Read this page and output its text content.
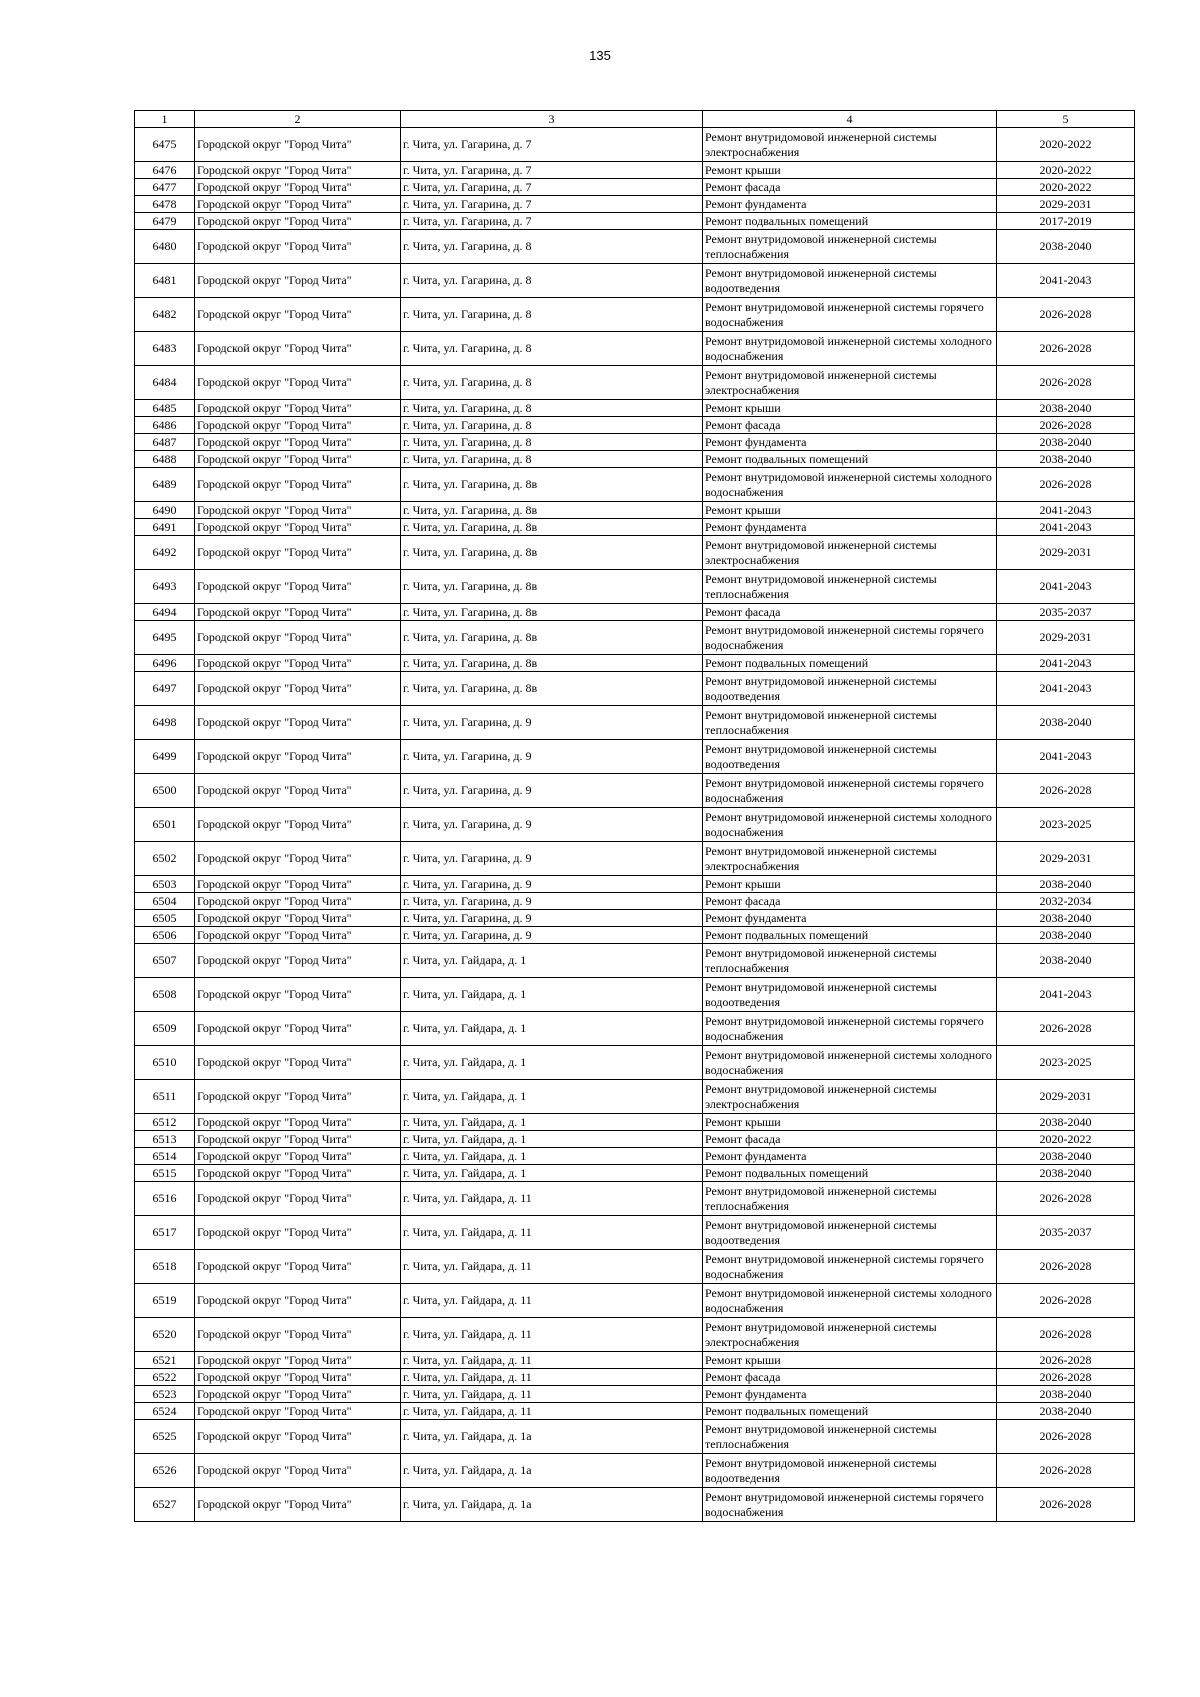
135
1	2	3	4	5
6475	Городской округ "Город Чита"	г. Чита, ул. Гагарина, д. 7	Ремонт внутридомовой инженерной системы электроснабжения	2020-2022
6476	Городской округ "Город Чита"	г. Чита, ул. Гагарина, д. 7	Ремонт крыши	2020-2022
6477	Городской округ "Город Чита"	г. Чита, ул. Гагарина, д. 7	Ремонт фасада	2020-2022
6478	Городской округ "Город Чита"	г. Чита, ул. Гагарина, д. 7	Ремонт фундамента	2029-2031
6479	Городской округ "Город Чита"	г. Чита, ул. Гагарина, д. 7	Ремонт подвальных помещений	2017-2019
6480	Городской округ "Город Чита"	г. Чита, ул. Гагарина, д. 8	Ремонт внутридомовой инженерной системы теплоснабжения	2038-2040
6481	Городской округ "Город Чита"	г. Чита, ул. Гагарина, д. 8	Ремонт внутридомовой инженерной системы водоотведения	2041-2043
6482	Городской округ "Город Чита"	г. Чита, ул. Гагарина, д. 8	Ремонт внутридомовой инженерной системы горячего водоснабжения	2026-2028
6483	Городской округ "Город Чита"	г. Чита, ул. Гагарина, д. 8	Ремонт внутридомовой инженерной системы холодного водоснабжения	2026-2028
6484	Городской округ "Город Чита"	г. Чита, ул. Гагарина, д. 8	Ремонт внутридомовой инженерной системы электроснабжения	2026-2028
6485	Городской округ "Город Чита"	г. Чита, ул. Гагарина, д. 8	Ремонт крыши	2038-2040
6486	Городской округ "Город Чита"	г. Чита, ул. Гагарина, д. 8	Ремонт фасада	2026-2028
6487	Городской округ "Город Чита"	г. Чита, ул. Гагарина, д. 8	Ремонт фундамента	2038-2040
6488	Городской округ "Город Чита"	г. Чита, ул. Гагарина, д. 8	Ремонт подвальных помещений	2038-2040
6489	Городской округ "Город Чита"	г. Чита, ул. Гагарина, д. 8в	Ремонт внутридомовой инженерной системы холодного водоснабжения	2026-2028
6490	Городской округ "Город Чита"	г. Чита, ул. Гагарина, д. 8в	Ремонт крыши	2041-2043
6491	Городской округ "Город Чита"	г. Чита, ул. Гагарина, д. 8в	Ремонт фундамента	2041-2043
6492	Городской округ "Город Чита"	г. Чита, ул. Гагарина, д. 8в	Ремонт внутридомовой инженерной системы электроснабжения	2029-2031
6493	Городской округ "Город Чита"	г. Чита, ул. Гагарина, д. 8в	Ремонт внутридомовой инженерной системы теплоснабжения	2041-2043
6494	Городской округ "Город Чита"	г. Чита, ул. Гагарина, д. 8в	Ремонт фасада	2035-2037
6495	Городской округ "Город Чита"	г. Чита, ул. Гагарина, д. 8в	Ремонт внутридомовой инженерной системы горячего водоснабжения	2029-2031
6496	Городской округ "Город Чита"	г. Чита, ул. Гагарина, д. 8в	Ремонт подвальных помещений	2041-2043
6497	Городской округ "Город Чита"	г. Чита, ул. Гагарина, д. 8в	Ремонт внутридомовой инженерной системы водоотведения	2041-2043
6498	Городской округ "Город Чита"	г. Чита, ул. Гагарина, д. 9	Ремонт внутридомовой инженерной системы теплоснабжения	2038-2040
6499	Городской округ "Город Чита"	г. Чита, ул. Гагарина, д. 9	Ремонт внутридомовой инженерной системы водоотведения	2041-2043
6500	Городской округ "Город Чита"	г. Чита, ул. Гагарина, д. 9	Ремонт внутридомовой инженерной системы горячего водоснабжения	2026-2028
6501	Городской округ "Город Чита"	г. Чита, ул. Гагарина, д. 9	Ремонт внутридомовой инженерной системы холодного водоснабжения	2023-2025
6502	Городской округ "Город Чита"	г. Чита, ул. Гагарина, д. 9	Ремонт внутридомовой инженерной системы электроснабжения	2029-2031
6503	Городской округ "Город Чита"	г. Чита, ул. Гагарина, д. 9	Ремонт крыши	2038-2040
6504	Городской округ "Город Чита"	г. Чита, ул. Гагарина, д. 9	Ремонт фасада	2032-2034
6505	Городской округ "Город Чита"	г. Чита, ул. Гагарина, д. 9	Ремонт фундамента	2038-2040
6506	Городской округ "Город Чита"	г. Чита, ул. Гагарина, д. 9	Ремонт подвальных помещений	2038-2040
6507	Городской округ "Город Чита"	г. Чита, ул. Гайдара, д. 1	Ремонт внутридомовой инженерной системы теплоснабжения	2038-2040
6508	Городской округ "Город Чита"	г. Чита, ул. Гайдара, д. 1	Ремонт внутридомовой инженерной системы водоотведения	2041-2043
6509	Городской округ "Город Чита"	г. Чита, ул. Гайдара, д. 1	Ремонт внутридомовой инженерной системы горячего водоснабжения	2026-2028
6510	Городской округ "Город Чита"	г. Чита, ул. Гайдара, д. 1	Ремонт внутридомовой инженерной системы холодного водоснабжения	2023-2025
6511	Городской округ "Город Чита"	г. Чита, ул. Гайдара, д. 1	Ремонт внутридомовой инженерной системы электроснабжения	2029-2031
6512	Городской округ "Город Чита"	г. Чита, ул. Гайдара, д. 1	Ремонт крыши	2038-2040
6513	Городской округ "Город Чита"	г. Чита, ул. Гайдара, д. 1	Ремонт фасада	2020-2022
6514	Городской округ "Город Чита"	г. Чита, ул. Гайдара, д. 1	Ремонт фундамента	2038-2040
6515	Городской округ "Город Чита"	г. Чита, ул. Гайдара, д. 1	Ремонт подвальных помещений	2038-2040
6516	Городской округ "Город Чита"	г. Чита, ул. Гайдара, д. 11	Ремонт внутридомовой инженерной системы теплоснабжения	2026-2028
6517	Городской округ "Город Чита"	г. Чита, ул. Гайдара, д. 11	Ремонт внутридомовой инженерной системы водоотведения	2035-2037
6518	Городской округ "Город Чита"	г. Чита, ул. Гайдара, д. 11	Ремонт внутридомовой инженерной системы горячего водоснабжения	2026-2028
6519	Городской округ "Город Чита"	г. Чита, ул. Гайдара, д. 11	Ремонт внутридомовой инженерной системы холодного водоснабжения	2026-2028
6520	Городской округ "Город Чита"	г. Чита, ул. Гайдара, д. 11	Ремонт внутридомовой инженерной системы электроснабжения	2026-2028
6521	Городской округ "Город Чита"	г. Чита, ул. Гайдара, д. 11	Ремонт крыши	2026-2028
6522	Городской округ "Город Чита"	г. Чита, ул. Гайдара, д. 11	Ремонт фасада	2026-2028
6523	Городской округ "Город Чита"	г. Чита, ул. Гайдара, д. 11	Ремонт фундамента	2038-2040
6524	Городской округ "Город Чита"	г. Чита, ул. Гайдара, д. 11	Ремонт подвальных помещений	2038-2040
6525	Городской округ "Город Чита"	г. Чита, ул. Гайдара, д. 1а	Ремонт внутридомовой инженерной системы теплоснабжения	2026-2028
6526	Городской округ "Город Чита"	г. Чита, ул. Гайдара, д. 1а	Ремонт внутридомовой инженерной системы водоотведения	2026-2028
6527	Городской округ "Город Чита"	г. Чита, ул. Гайдара, д. 1а	Ремонт внутридомовой инженерной системы горячего водоснабжения	2026-2028
